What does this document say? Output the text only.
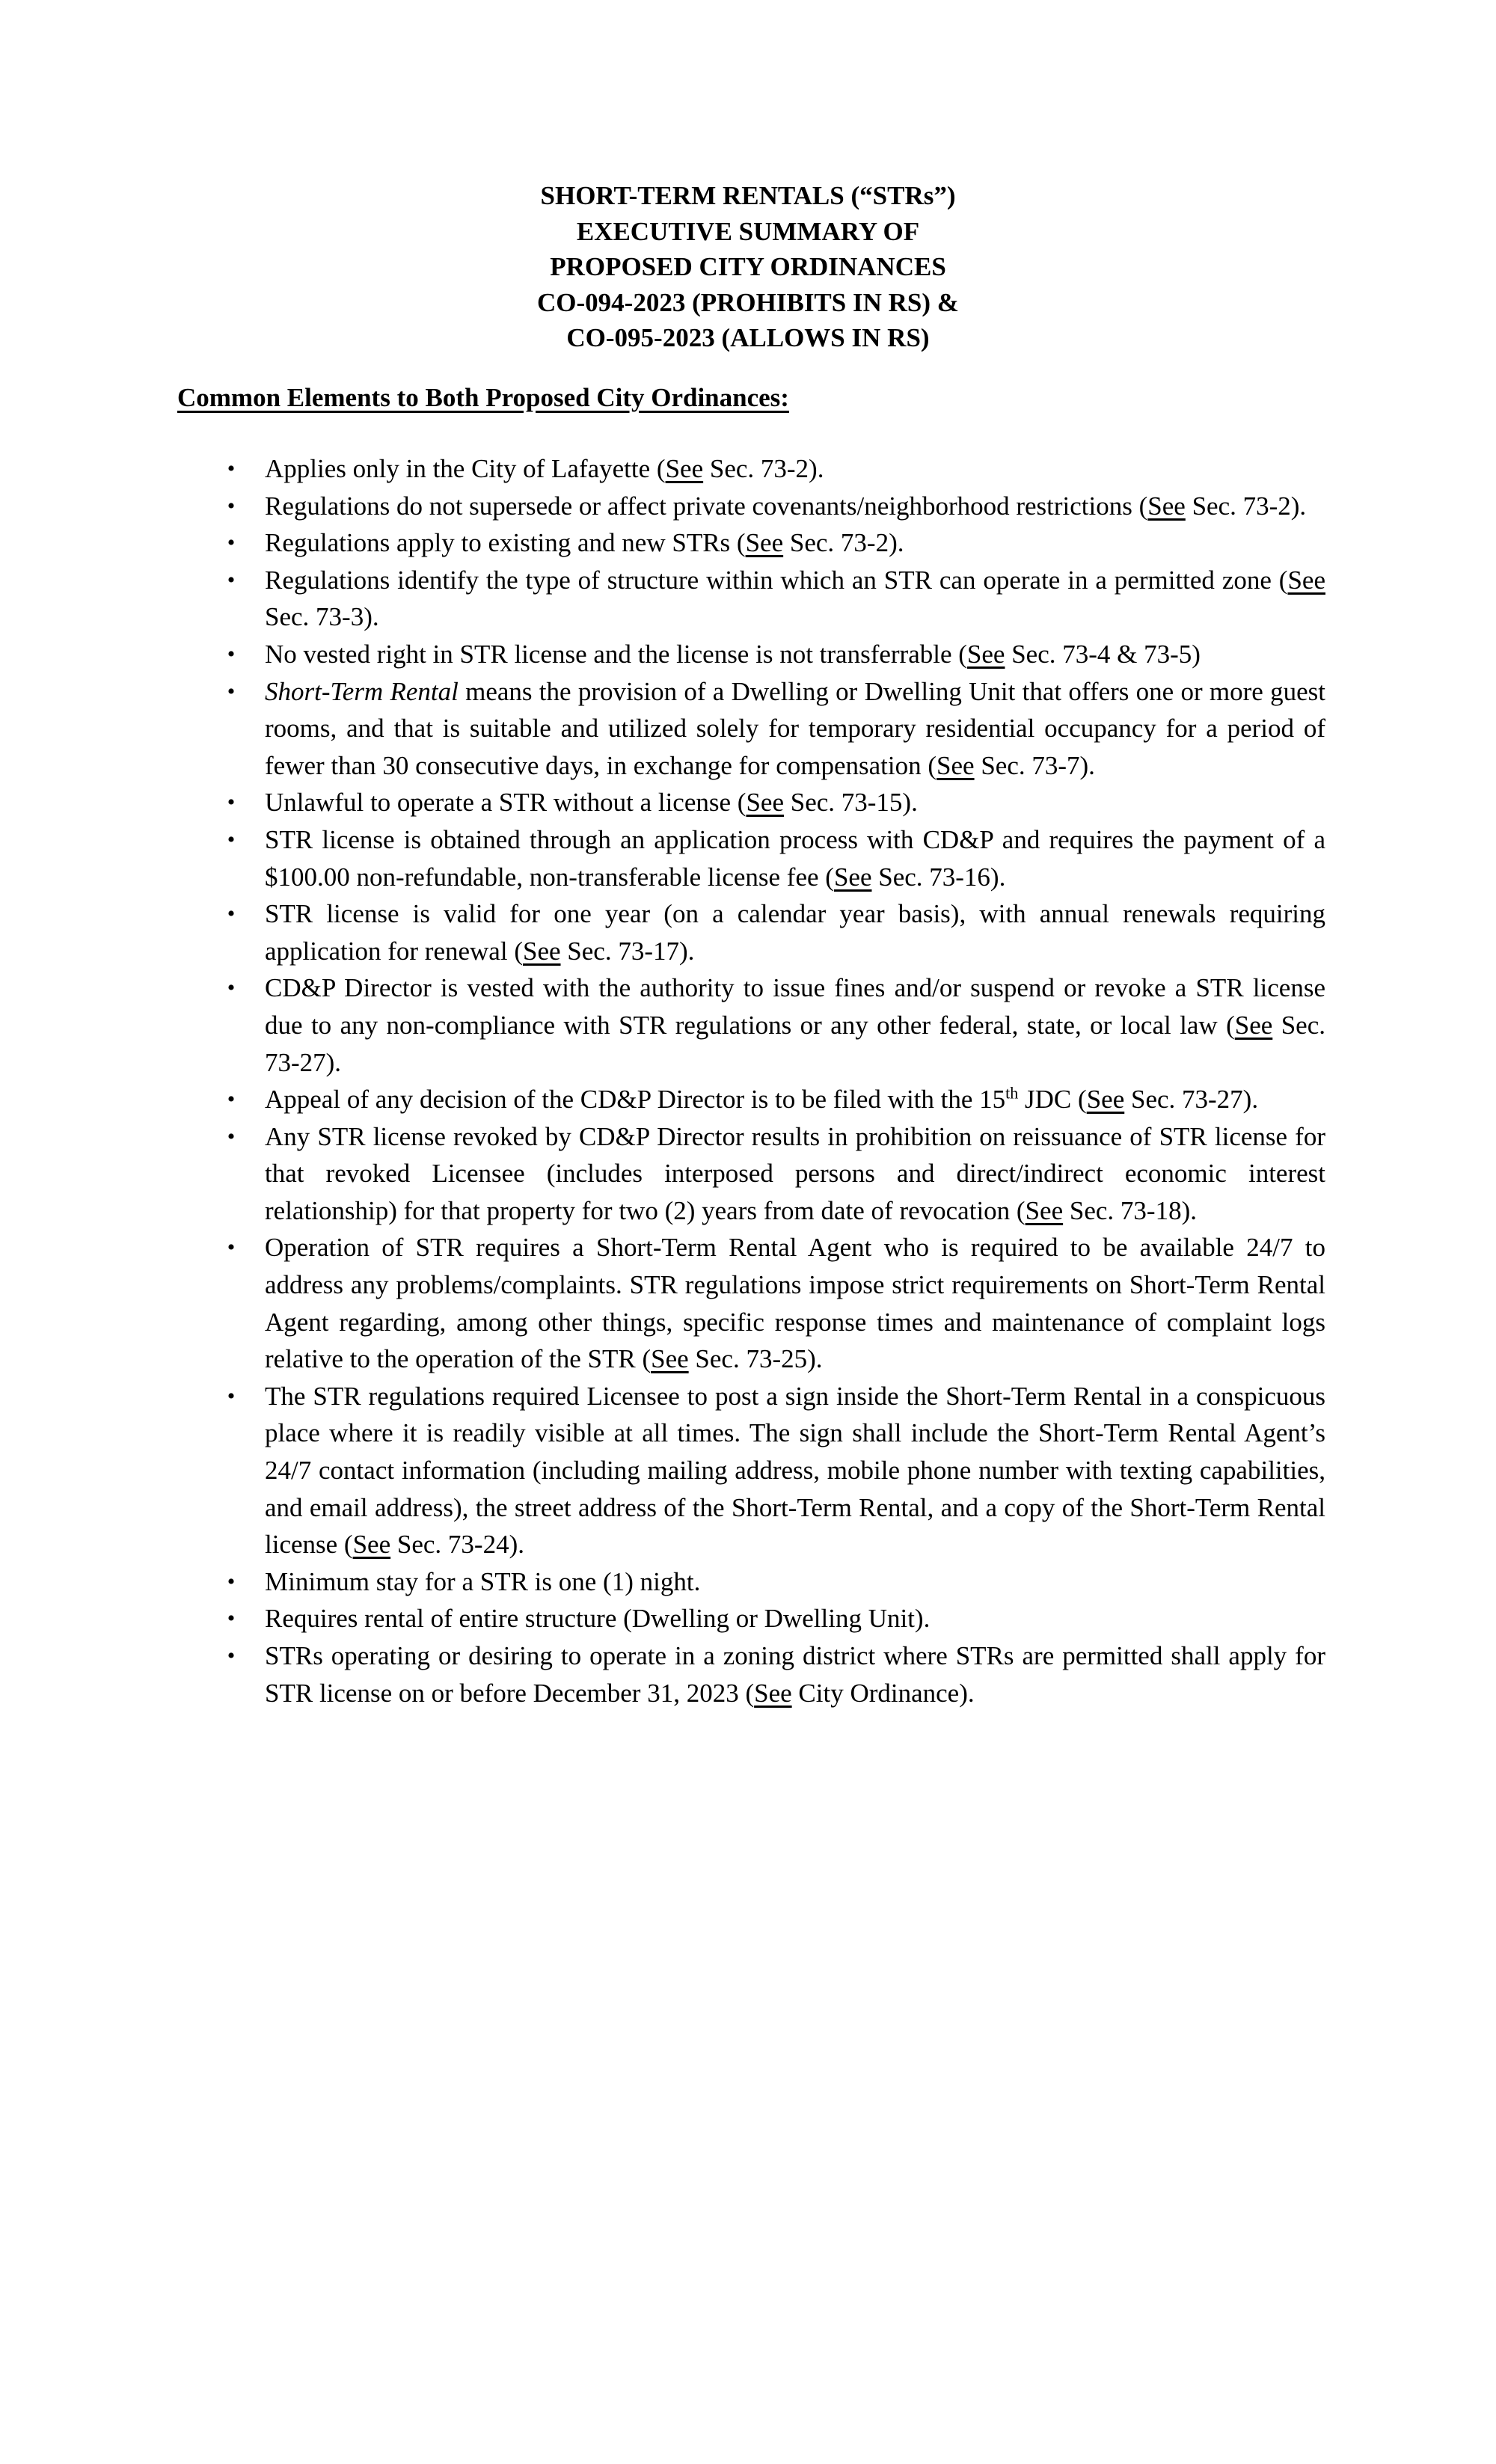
SHORT-TERM RENTALS (“STRs”)
EXECUTIVE SUMMARY OF
PROPOSED CITY ORDINANCES
CO-094-2023 (PROHIBITS IN RS) &
CO-095-2023 (ALLOWS IN RS)
Common Elements to Both Proposed City Ordinances:
• Applies only in the City of Lafayette (See Sec. 73-2).
• Regulations do not supersede or affect private covenants/neighborhood restrictions (See Sec. 73-2).
• Regulations apply to existing and new STRs (See Sec. 73-2).
• Regulations identify the type of structure within which an STR can operate in a permitted zone (See Sec. 73-3).
• No vested right in STR license and the license is not transferrable (See Sec. 73-4 & 73-5)
• Short-Term Rental means the provision of a Dwelling or Dwelling Unit that offers one or more guest rooms, and that is suitable and utilized solely for temporary residential occupancy for a period of fewer than 30 consecutive days, in exchange for compensation (See Sec. 73-7).
• Unlawful to operate a STR without a license (See Sec. 73-15).
• STR license is obtained through an application process with CD&P and requires the payment of a $100.00 non-refundable, non-transferable license fee (See Sec. 73-16).
• STR license is valid for one year (on a calendar year basis), with annual renewals requiring application for renewal (See Sec. 73-17).
• CD&P Director is vested with the authority to issue fines and/or suspend or revoke a STR license due to any non-compliance with STR regulations or any other federal, state, or local law (See Sec. 73-27).
• Appeal of any decision of the CD&P Director is to be filed with the 15th JDC (See Sec. 73-27).
• Any STR license revoked by CD&P Director results in prohibition on reissuance of STR license for that revoked Licensee (includes interposed persons and direct/indirect economic interest relationship) for that property for two (2) years from date of revocation (See Sec. 73-18).
• Operation of STR requires a Short-Term Rental Agent who is required to be available 24/7 to address any problems/complaints. STR regulations impose strict requirements on Short-Term Rental Agent regarding, among other things, specific response times and maintenance of complaint logs relative to the operation of the STR (See Sec. 73-25).
• The STR regulations required Licensee to post a sign inside the Short-Term Rental in a conspicuous place where it is readily visible at all times. The sign shall include the Short-Term Rental Agent’s 24/7 contact information (including mailing address, mobile phone number with texting capabilities, and email address), the street address of the Short-Term Rental, and a copy of the Short-Term Rental license (See Sec. 73-24).
• Minimum stay for a STR is one (1) night.
• Requires rental of entire structure (Dwelling or Dwelling Unit).
• STRs operating or desiring to operate in a zoning district where STRs are permitted shall apply for STR license on or before December 31, 2023 (See City Ordinance).
